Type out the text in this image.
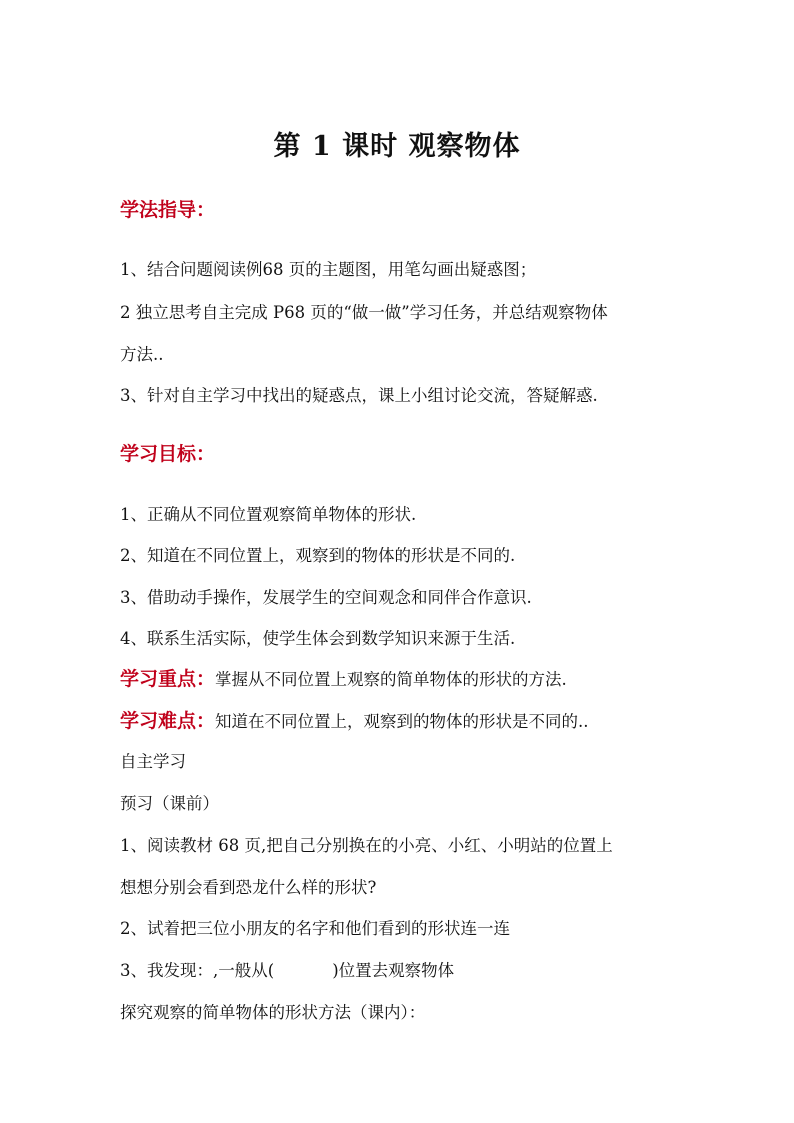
第 1 课时 观察物体

学法指导：

1、结合问题阅读例68 页的主题图，用笔勾画出疑惑图；

2 独立思考自主完成 P68 页的“做一做”学习任务，并总结观察物体

方法..

3、针对自主学习中找出的疑惑点，课上小组讨论交流，答疑解惑.

学习目标：

1、正确从不同位置观察简单物体的形状.

2、知道在不同位置上，观察到的物体的形状是不同的.

3、借助动手操作，发展学生的空间观念和同伴合作意识.

4、联系生活实际，使学生体会到数学知识来源于生活.

学习重点：掌握从不同位置上观察的简单物体的形状的方法.

学习难点：知道在不同位置上，观察到的物体的形状是不同的..

自主学习

预习（课前）

1、阅读教材 68 页,把自己分别换在的小亮、小红、小明站的位置上

想想分别会看到恐龙什么样的形状?

2、试着把三位小朋友的名字和他们看到的形状连一连

3、我发现：,一般从(	)位置去观察物体

探究观察的简单物体的形状方法（课内）：
